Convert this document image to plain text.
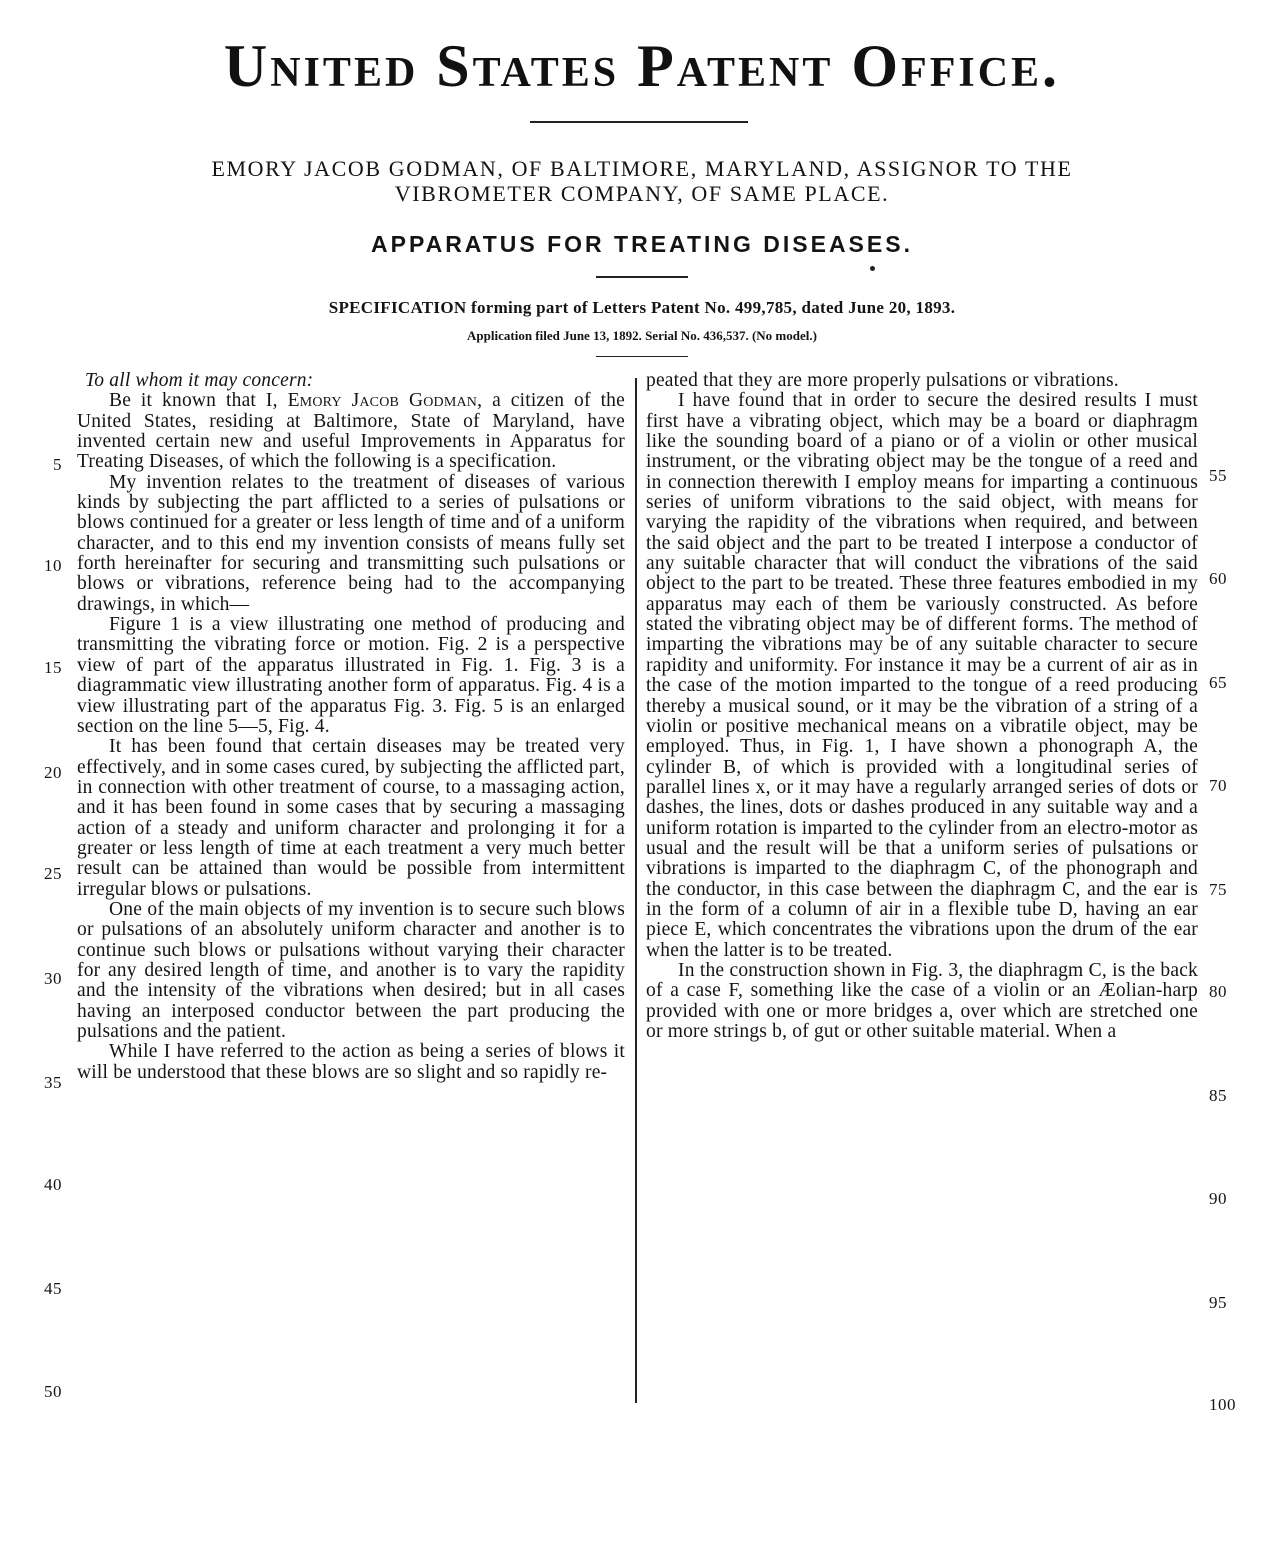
United States Patent Office.
EMORY JACOB GODMAN, OF BALTIMORE, MARYLAND, ASSIGNOR TO THE
VIBROMETER COMPANY, OF SAME PLACE.
APPARATUS FOR TREATING DISEASES.
SPECIFICATION forming part of Letters Patent No. 499,785, dated June 20, 1893.
Application filed June 13, 1892. Serial No. 436,537. (No model.)
To all whom it may concern:

Be it known that I, Emory Jacob Godman, a citizen of the United States, residing at Baltimore, State of Maryland, have invented certain new and useful Improvements in Apparatus for Treating Diseases, of which the following is a specification.

My invention relates to the treatment of diseases of various kinds by subjecting the part afflicted to a series of pulsations or blows continued for a greater or less length of time and of a uniform character, and to this end my invention consists of means fully set forth hereinafter for securing and transmitting such pulsations or blows or vibrations, reference being had to the accompanying drawings, in which—

Figure 1 is a view illustrating one method of producing and transmitting the vibrating force or motion. Fig. 2 is a perspective view of part of the apparatus illustrated in Fig. 1. Fig. 3 is a diagrammatic view illustrating another form of apparatus. Fig. 4 is a view illustrating part of the apparatus Fig. 3. Fig. 5 is an enlarged section on the line 5—5, Fig. 4.

It has been found that certain diseases may be treated very effectively, and in some cases cured, by subjecting the afflicted part, in connection with other treatment of course, to a massaging action, and it has been found in some cases that by securing a massaging action of a steady and uniform character and prolonging it for a greater or less length of time at each treatment a very much better result can be attained than would be possible from intermittent irregular blows or pulsations.

One of the main objects of my invention is to secure such blows or pulsations of an absolutely uniform character and another is to continue such blows or pulsations without varying their character for any desired length of time, and another is to vary the rapidity and the intensity of the vibrations when desired; but in all cases having an interposed conductor between the part producing the pulsations and the patient.

While I have referred to the action as being a series of blows it will be understood that these blows are so slight and so rapidly re-

peated that they are more properly pulsations or vibrations.

I have found that in order to secure the desired results I must first have a vibrating object, which may be a board or diaphragm like the sounding board of a piano or of a violin or other musical instrument, or the vibrating object may be the tongue of a reed and in connection therewith I employ means for imparting a continuous series of uniform vibrations to the said object, with means for varying the rapidity of the vibrations when required, and between the said object and the part to be treated I interpose a conductor of any suitable character that will conduct the vibrations of the said object to the part to be treated. These three features embodied in my apparatus may each of them be variously constructed. As before stated the vibrating object may be of different forms. The method of imparting the vibrations may be of any suitable character to secure rapidity and uniformity. For instance it may be a current of air as in the case of the motion imparted to the tongue of a reed producing thereby a musical sound, or it may be the vibration of a string of a violin or positive mechanical means on a vibratile object, may be employed. Thus, in Fig. 1, I have shown a phonograph A, the cylinder B, of which is provided with a longitudinal series of parallel lines x, or it may have a regularly arranged series of dots or dashes, the lines, dots or dashes produced in any suitable way and a uniform rotation is imparted to the cylinder from an electro-motor as usual and the result will be that a uniform series of pulsations or vibrations is imparted to the diaphragm C, of the phonograph and the conductor, in this case between the diaphragm C, and the ear is in the form of a column of air in a flexible tube D, having an ear piece E, which concentrates the vibrations upon the drum of the ear when the latter is to be treated.

In the construction shown in Fig. 3, the diaphragm C, is the back of a case F, something like the case of a violin or an Æolian-harp provided with one or more bridges a, over which are stretched one or more strings b, of gut or other suitable material. When a

5
10
15
20
25
30
35
40
45
50
55
60
65
70
75
80
85
90
95
100
